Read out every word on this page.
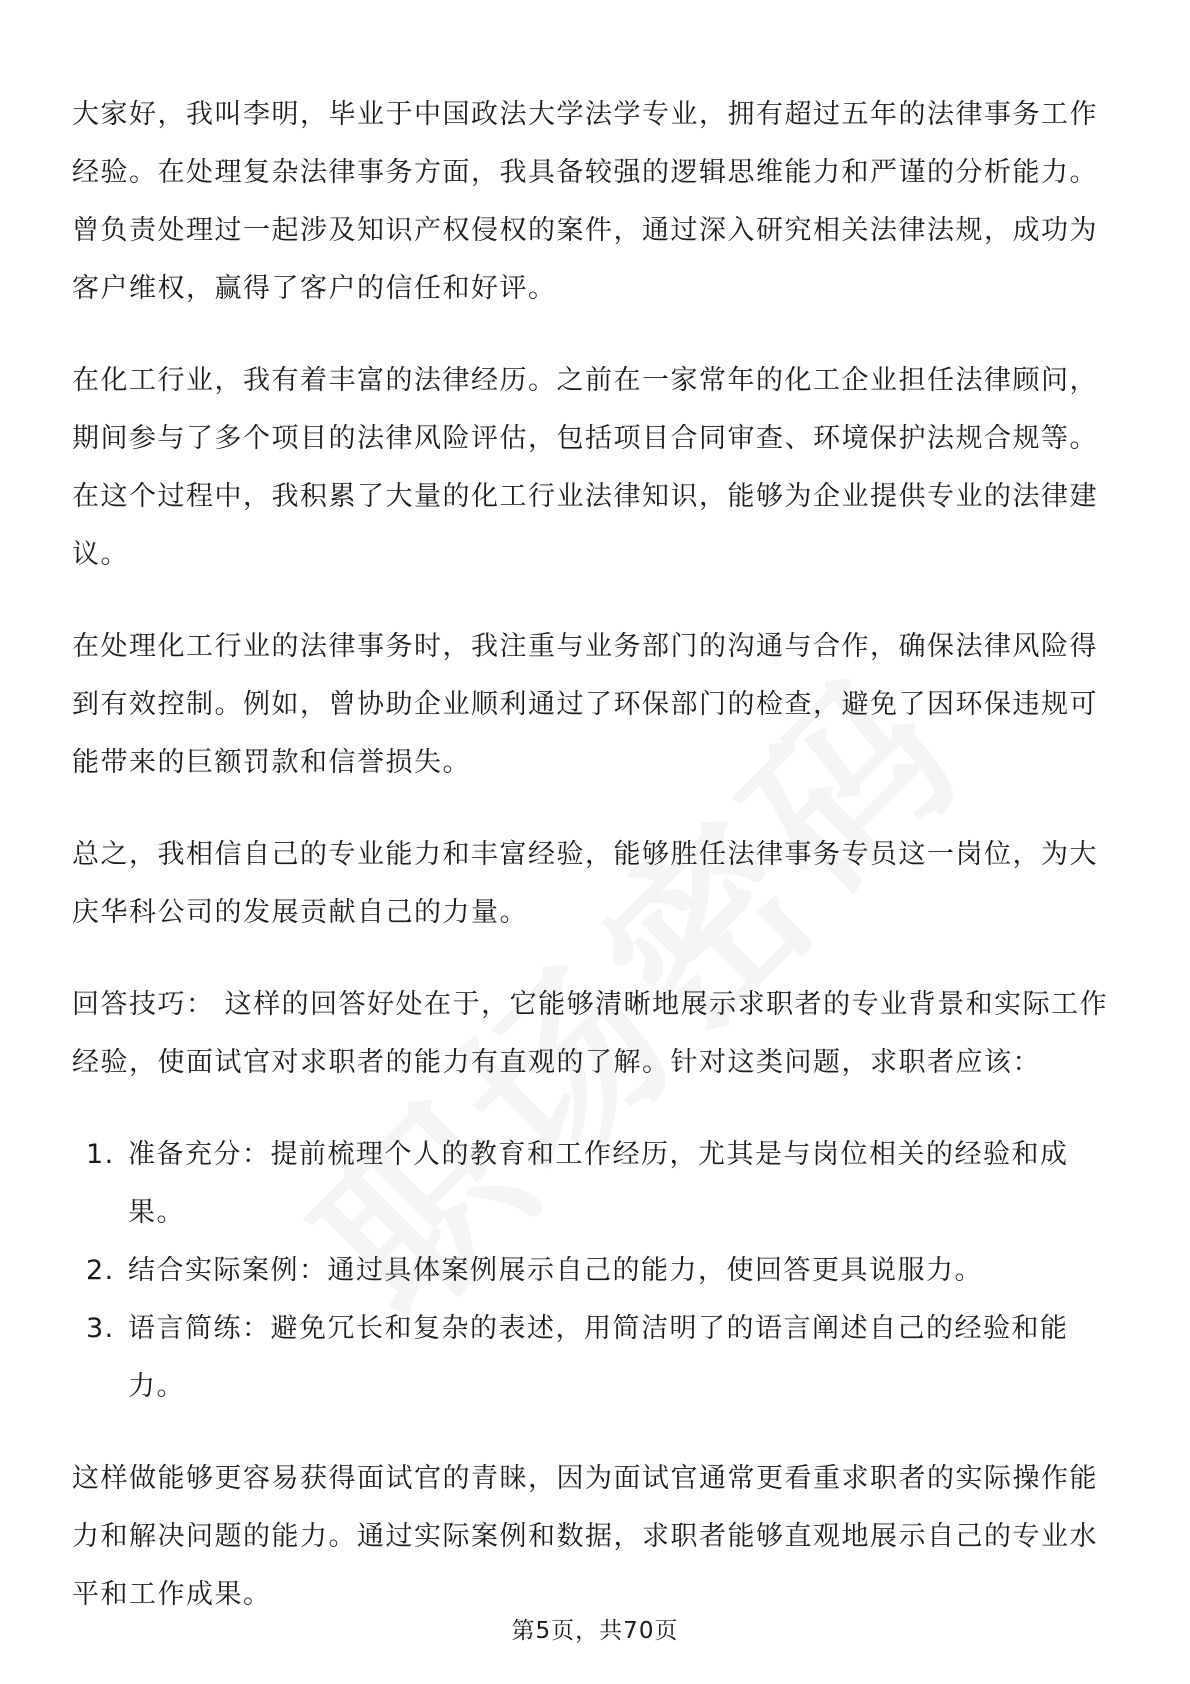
大家好，我叫李明，毕业于中国政法大学法学专业，拥有超过五年的法律事务工作经验。在处理复杂法律事务方面，我具备较强的逻辑思维能力和严谨的分析能力。曾负责处理过一起涉及知识产权侵权的案件，通过深入研究相关法律法规，成功为客户维权，赢得了客户的信任和好评。

在化工行业，我有着丰富的法律经历。之前在一家常年的化工企业担任法律顾问，期间参与了多个项目的法律风险评估，包括项目合同审查、环境保护法规合规等。在这个过程中，我积累了大量的化工行业法律知识，能够为企业提供专业的法律建议。

在处理化工行业的法律事务时，我注重与业务部门的沟通与合作，确保法律风险得到有效控制。例如，曾协助企业顺利通过了环保部门的检查，避免了因环保违规可能带来的巨额罚款和信誉损失。

总之，我相信自己的专业能力和丰富经验，能够胜任法律事务专员这一岗位，为大庆华科公司的发展贡献自己的力量。

回答技巧： 这样的回答好处在于，它能够清晰地展示求职者的专业背景和实际工作经验，使面试官对求职者的能力有直观的了解。针对这类问题，求职者应该：

1. 准备充分：提前梳理个人的教育和工作经历，尤其是与岗位相关的经验和成果。
2. 结合实际案例：通过具体案例展示自己的能力，使回答更具说服力。
3. 语言简练：避免冗长和复杂的表述，用简洁明了的语言阐述自己的经验和能力。

这样做能够更容易获得面试官的青睐，因为面试官通常更看重求职者的实际操作能力和解决问题的能力。通过实际案例和数据，求职者能够直观地展示自己的专业水平和工作成果。

第5页，共70页
